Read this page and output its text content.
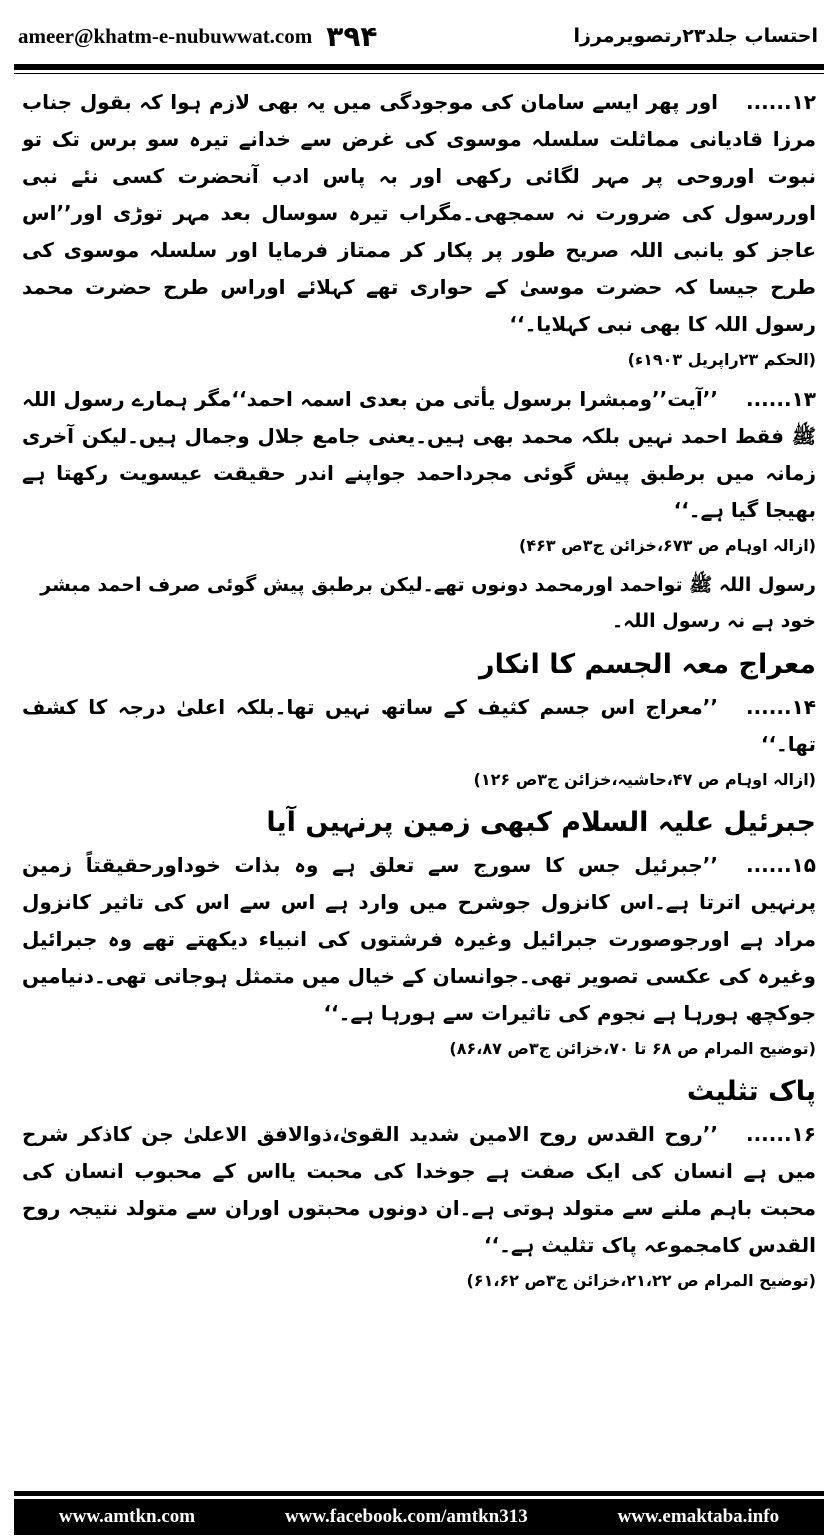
ameer@khatm-e-nubuwwat.com ۳۹۴	احتساب جلد۲۳رتصویرمرزا

۱۲......اور پھر ایسے سامان کی موجودگی میں یہ بھی لازم ہوا کہ بقول جناب مرزا قادیانی مماثلت سلسلہ موسوی کی غرض سے خدانے تیرہ سو برس تک تو نبوت اوروحی پر مہر لگائی رکھی اور بہ پاس ادب آنحضرت کسی نئے نبی اوررسول کی ضرورت نہ سمجھی۔مگراب تیرہ سوسال بعد مہر توڑی اور’’اس عاجز کو یانبی اللہ صریح طور پر پکار کر ممتاز فرمایا اور سلسلہ موسوی کی طرح جیسا کہ حضرت موسیٰ کے حواری تھے کہلائے اوراس طرح حضرت محمد رسول اللہ کا بھی نبی کہلایا۔‘‘

(الحکم ۲۳راپریل ۱۹۰۳ء)

۱۳......’’آیت’’ومبشرا برسول یأتی من بعدی اسمہ احمد‘‘مگر ہمارے رسول اللہ ﷺ فقط احمد نہیں بلکہ محمد بھی ہیں۔یعنی جامع جلال وجمال ہیں۔لیکن آخری زمانہ میں برطبق پیش گوئی مجرداحمد جواپنے اندر حقیقت عیسویت رکھتا ہے بھیجا گیا ہے۔‘‘

(ازالہ اوہام ص ۶۷۳،خزائن ج۳ص ۴۶۳)

رسول اللہ ﷺ تواحمد اورمحمد دونوں تھے۔لیکن برطبق پیش گوئی صرف احمد مبشر خود ہے نہ رسول اللہ۔

معراج معہ الجسم کا انکار

۱۴......’’معراج اس جسم کثیف کے ساتھ نہیں تھا۔بلکہ اعلیٰ درجہ کا کشف تھا۔‘‘

(ازالہ اوہام ص ۴۷،حاشیہ،خزائن ج۳ص ۱۲۶)

جبرئیل علیہ السلام کبھی زمین پرنہیں آیا

۱۵......’’جبرئیل جس کا سورج سے تعلق ہے وہ بذات خوداورحقیقتاً زمین پرنہیں اترتا ہے۔اس کانزول جوشرح میں وارد ہے اس سے اس کی تاثیر کانزول مراد ہے اورجوصورت جبرائیل وغیرہ فرشتوں کی انبیاء دیکھتے تھے وہ جبرائیل وغیرہ کی عکسی تصویر تھی۔جوانسان کے خیال میں متمثل ہوجاتی تھی۔دنیامیں جوکچھ ہورہا ہے نجوم کی تاثیرات سے ہورہا ہے۔‘‘

(توضیح المرام ص ۶۸ تا ۷۰،خزائن ج۳ص ۸۶،۸۷)

پاک تثلیث

۱۶......’’روح القدس روح الامین شدید القویٰ،ذوالافق الاعلیٰ جن کاذکر شرح میں ہے انسان کی ایک صفت ہے جوخدا کی محبت یااس کے محبوب انسان کی محبت باہم ملنے سے متولد ہوتی ہے۔ان دونوں محبتوں اوران سے متولد نتیجہ روح القدس کامجموعہ پاک تثلیث ہے۔‘‘

(توضیح المرام ص ۲۱،۲۲،خزائن ج۳ص ۶۱،۶۲)

www.amtkn.com	www.facebook.com/amtkn313	www.emaktaba.info
